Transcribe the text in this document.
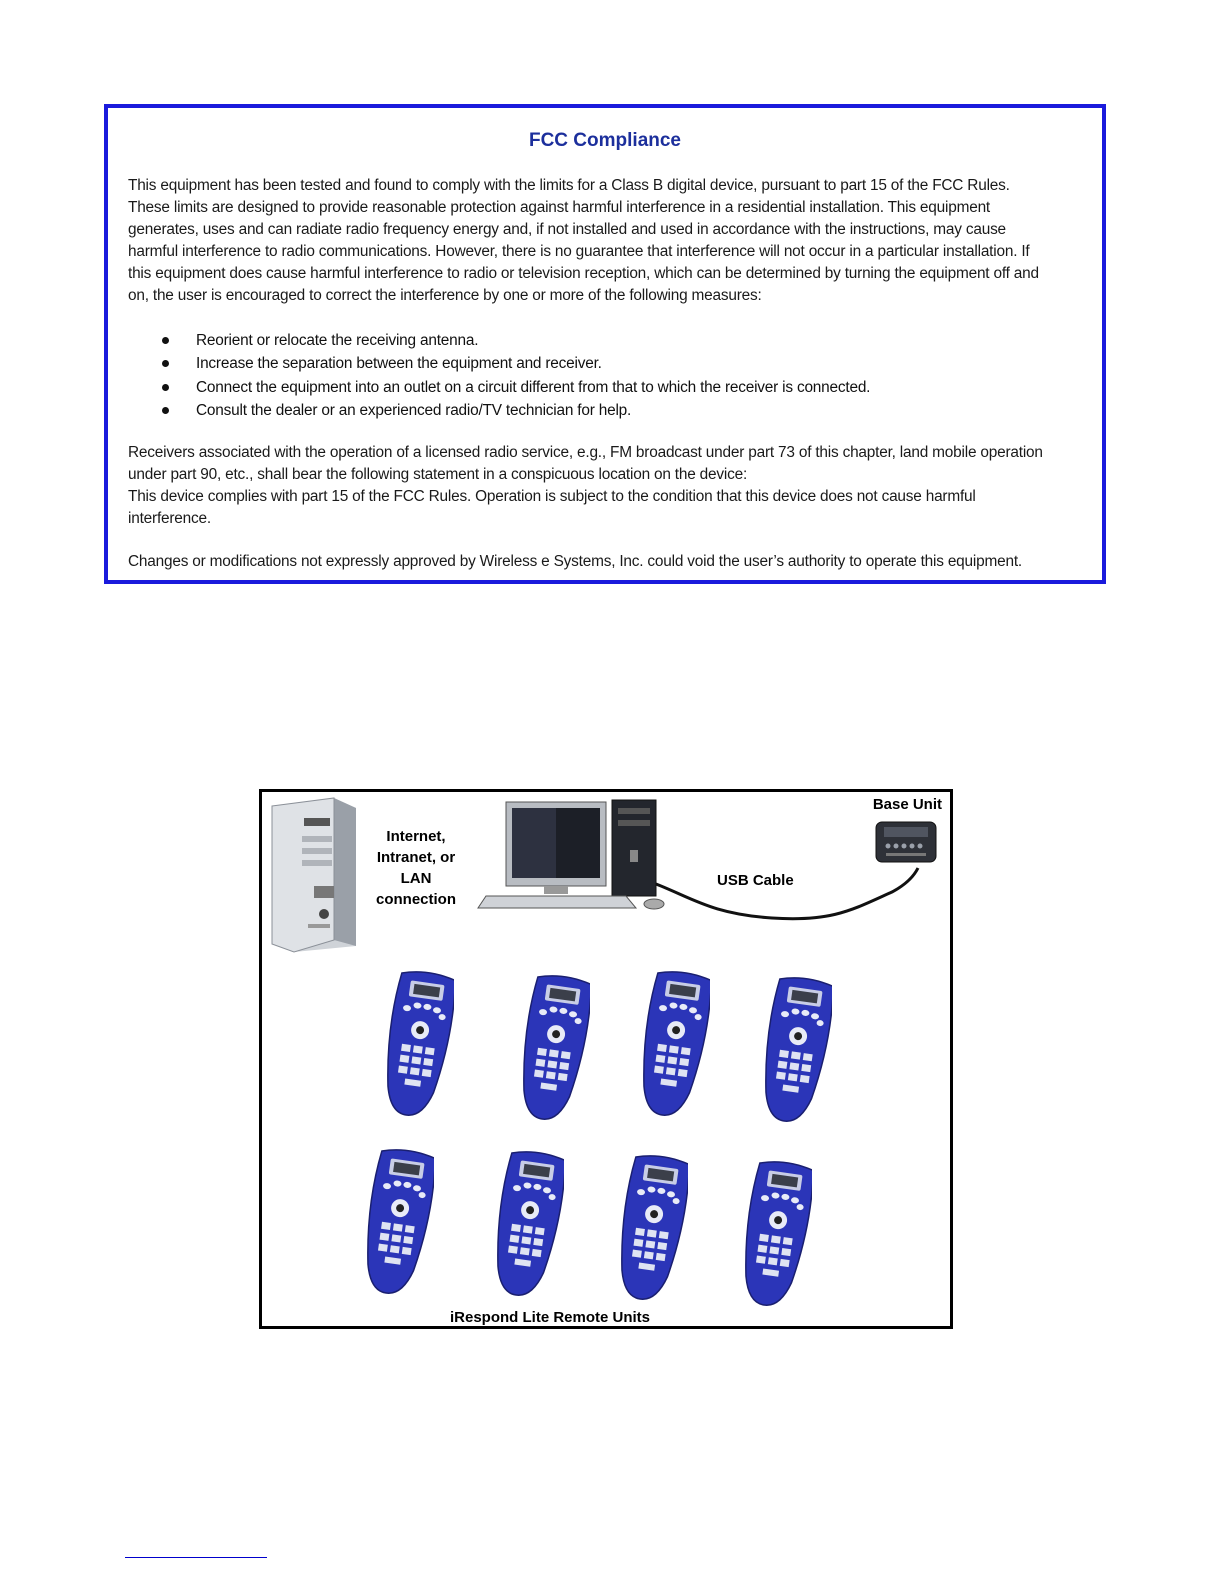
FCC Compliance
This equipment has been tested and found to comply with the limits for a Class B digital device, pursuant to part 15 of the FCC Rules.
These limits are designed to provide reasonable protection against harmful interference in a residential installation. This equipment
generates, uses and can radiate radio frequency energy and, if not installed and used in accordance with the instructions, may cause
harmful interference to radio communications. However, there is no guarantee that interference will not occur in a particular installation. If
this equipment does cause harmful interference to radio or television reception, which can be determined by turning the equipment off and
on, the user is encouraged to correct the interference by one or more of the following measures:
Reorient or relocate the receiving antenna.
Increase the separation between the equipment and receiver.
Connect the equipment into an outlet on a circuit different from that to which the receiver is connected.
Consult the dealer or an experienced radio/TV technician for help.
Receivers associated with the operation of a licensed radio service, e.g., FM broadcast under part 73 of this chapter, land mobile operation
under part 90, etc., shall bear the following statement in a conspicuous location on the device:
This device complies with part 15 of the FCC Rules. Operation is subject to the condition that this device does not cause harmful
interference.
Changes or modifications not expressly approved by Wireless e Systems, Inc. could void the user’s authority to operate this equipment.
Internet,
Intranet, or
LAN
connection
USB Cable
Base Unit
iRespond Lite Remote Units
